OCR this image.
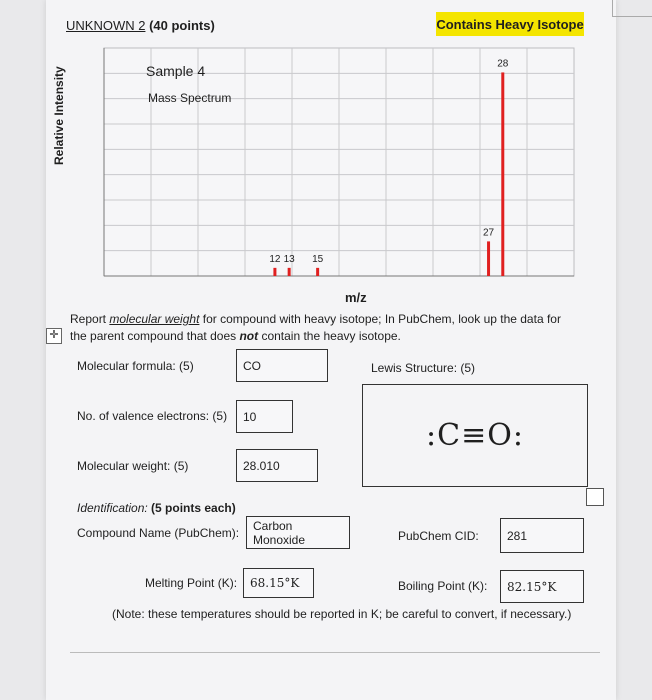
UNKNOWN 2 (40 points)	Contains Heavy Isotope
12 13 15
27
28
Relative Intensity	Sample 4
Mass Spectrum
m/z
✛
Report molecular weight for compound with heavy isotope; In PubChem, look up the data for
the parent compound that does not contain the heavy isotope.
Molecular formula: (5)	CO	Lewis Structure: (5)
:C≡O:
No. of valence electrons: (5)	10
Molecular weight: (5)	28.010
Identification: (5 points each)
Compound Name (PubChem):
Carbon Monoxide	PubChem CID:	281
Melting Point (K):	68.15°K	Boiling Point (K):	82.15°K
(Note: these temperatures should be reported in K; be careful to convert, if necessary.)
